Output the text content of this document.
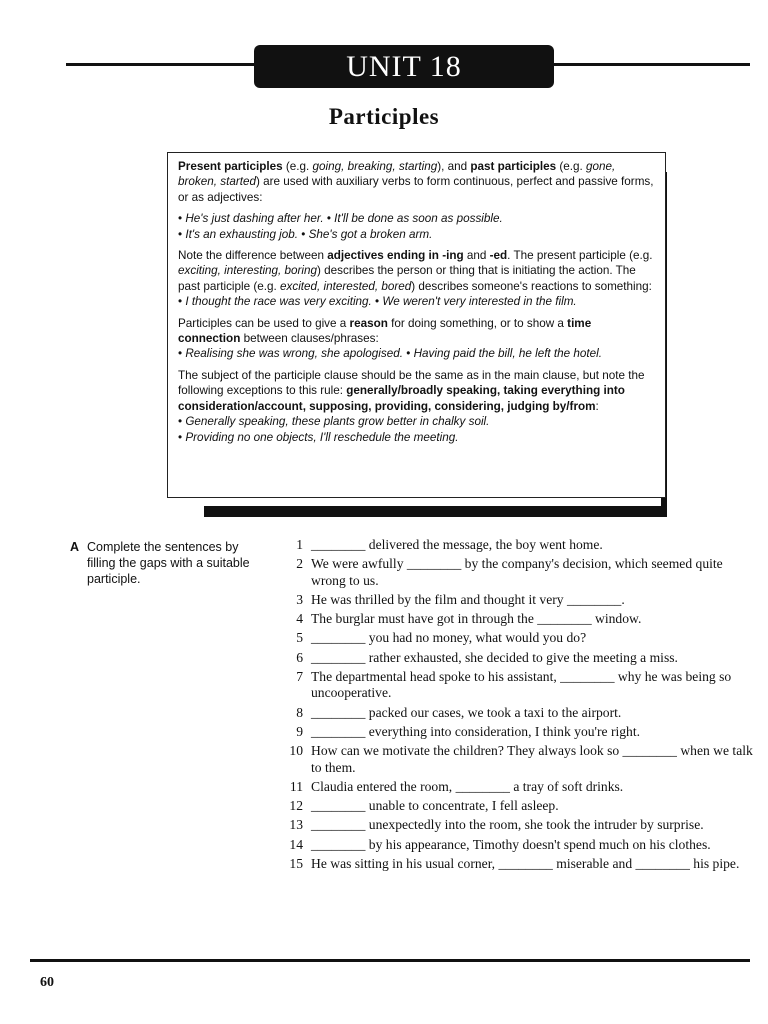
UNIT 18
Participles

Present participles (e.g. going, breaking, starting), and past participles (e.g. gone, broken, started) are used with auxiliary verbs to form continuous, perfect and passive forms, or as adjectives:

• He's just dashing after her. • It'll be done as soon as possible.
• It's an exhausting job. • She's got a broken arm.

Note the difference between adjectives ending in -ing and -ed. The present participle (e.g. exciting, interesting, boring) describes the person or thing that is initiating the action. The past participle (e.g. excited, interested, bored) describes someone's reactions to something:

• I thought the race was very exciting. • We weren't very interested in the film.

Participles can be used to give a reason for doing something, or to show a time connection between clauses/phrases:

• Realising she was wrong, she apologised. • Having paid the bill, he left the hotel.

The subject of the participle clause should be the same as in the main clause, but note the following exceptions to this rule: generally/broadly speaking, taking everything into consideration/account, supposing, providing, considering, judging by/from:

• Generally speaking, these plants grow better in chalky soil.
• Providing no one objects, I'll reschedule the meeting.
A Complete the sentences by filling the gaps with a suitable participle.
1 ________ delivered the message, the boy went home.
2 We were awfully ________ by the company's decision, which seemed quite wrong to us.
3 He was thrilled by the film and thought it very ________.
4 The burglar must have got in through the ________ window.
5 ________ you had no money, what would you do?
6 ________ rather exhausted, she decided to give the meeting a miss.
7 The departmental head spoke to his assistant, ________ why he was being so uncooperative.
8 ________ packed our cases, we took a taxi to the airport.
9 ________ everything into consideration, I think you're right.
10 How can we motivate the children? They always look so ________ when we talk to them.
11 Claudia entered the room, ________ a tray of soft drinks.
12 ________ unable to concentrate, I fell asleep.
13 ________ unexpectedly into the room, she took the intruder by surprise.
14 ________ by his appearance, Timothy doesn't spend much on his clothes.
15 He was sitting in his usual corner, ________ miserable and ________ his pipe.
60
